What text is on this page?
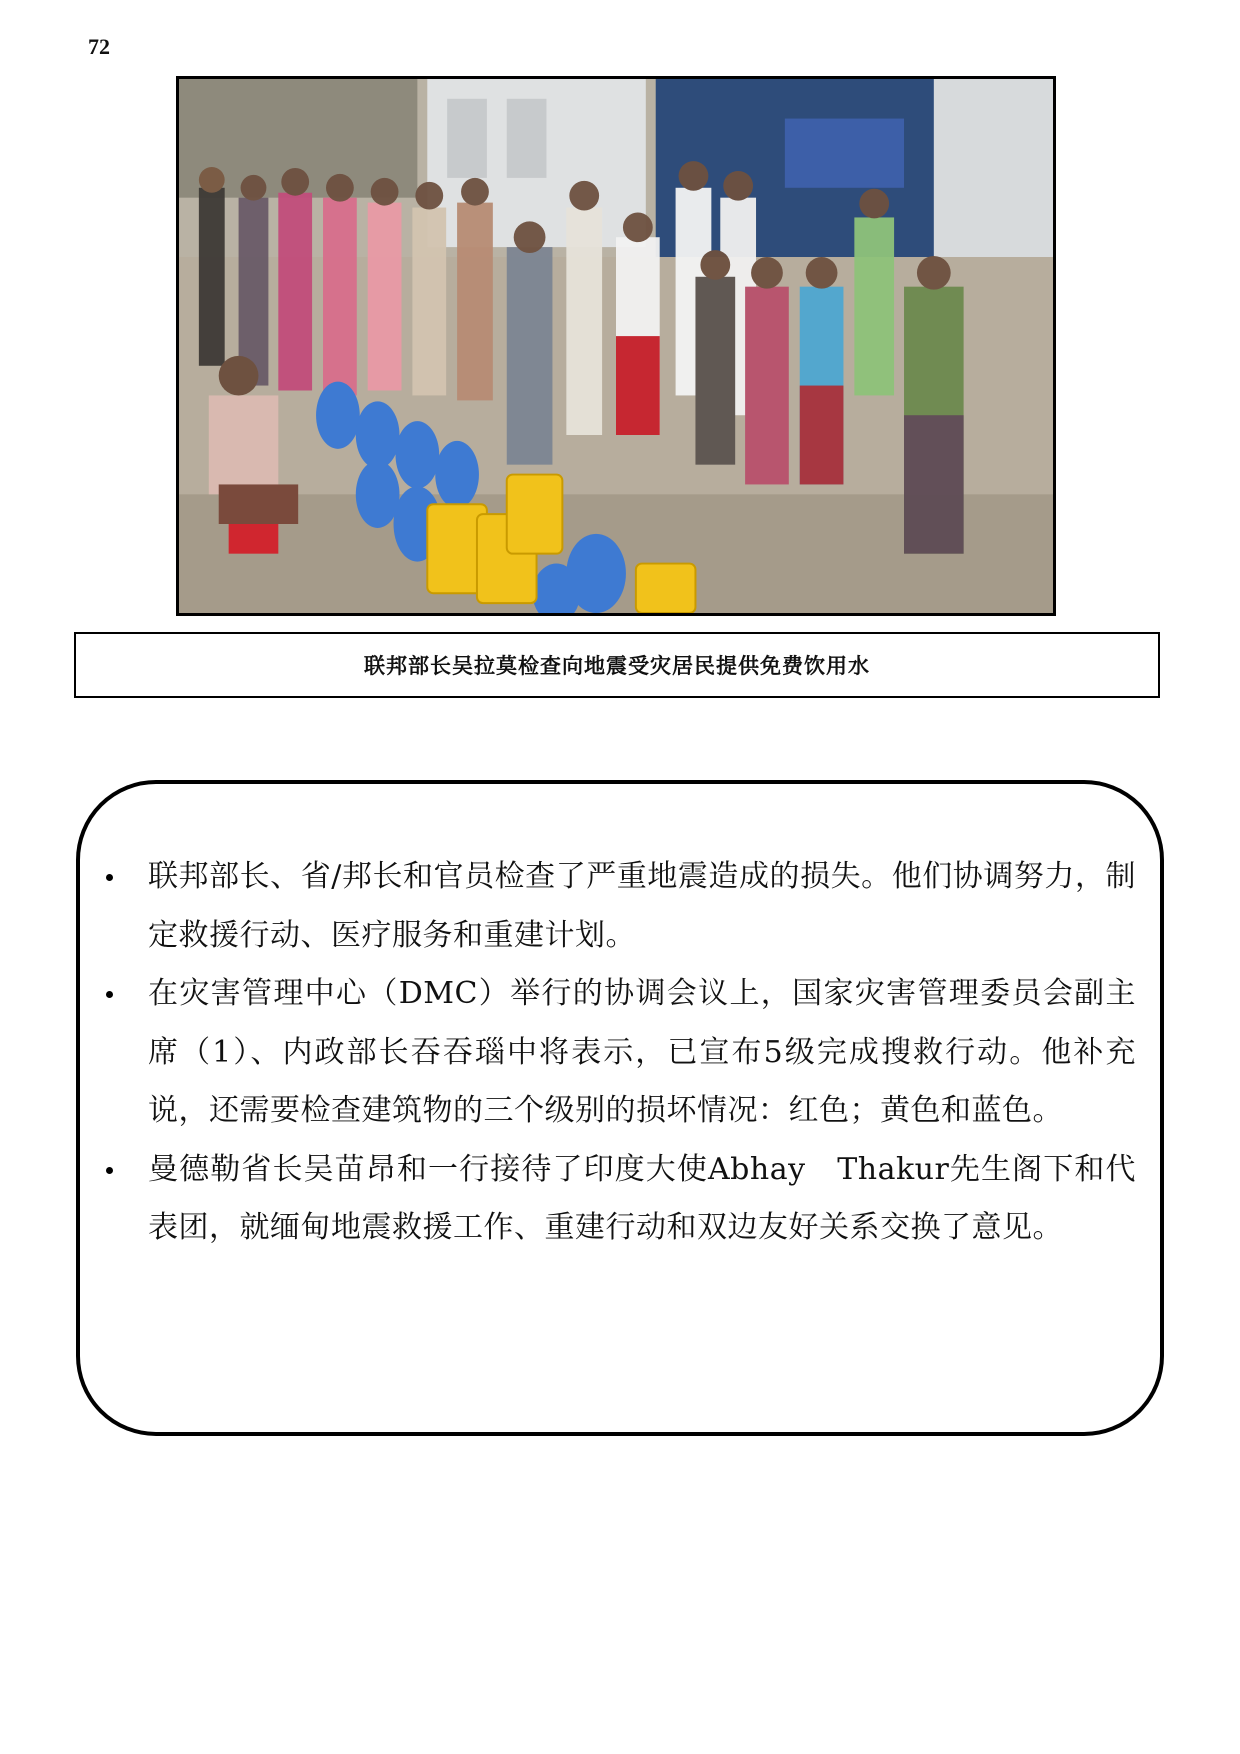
72
联邦部长吴拉莫检查向地震受灾居民提供免费饮用水
联邦部长、省/邦长和官员检查了严重地震造成的损失。他们协调努力，制定救援行动、医疗服务和重建计划。
在灾害管理中心（DMC）举行的协调会议上，国家灾害管理委员会副主席（1）、内政部长吞吞瑙中将表示，已宣布5级完成搜救行动。他补充说，还需要检查建筑物的三个级别的损坏情况：红色；黄色和蓝色。
曼德勒省长吴苗昂和一行接待了印度大使Abhay　Thakur先生阁下和代表团，就缅甸地震救援工作、重建行动和双边友好关系交换了意见。
